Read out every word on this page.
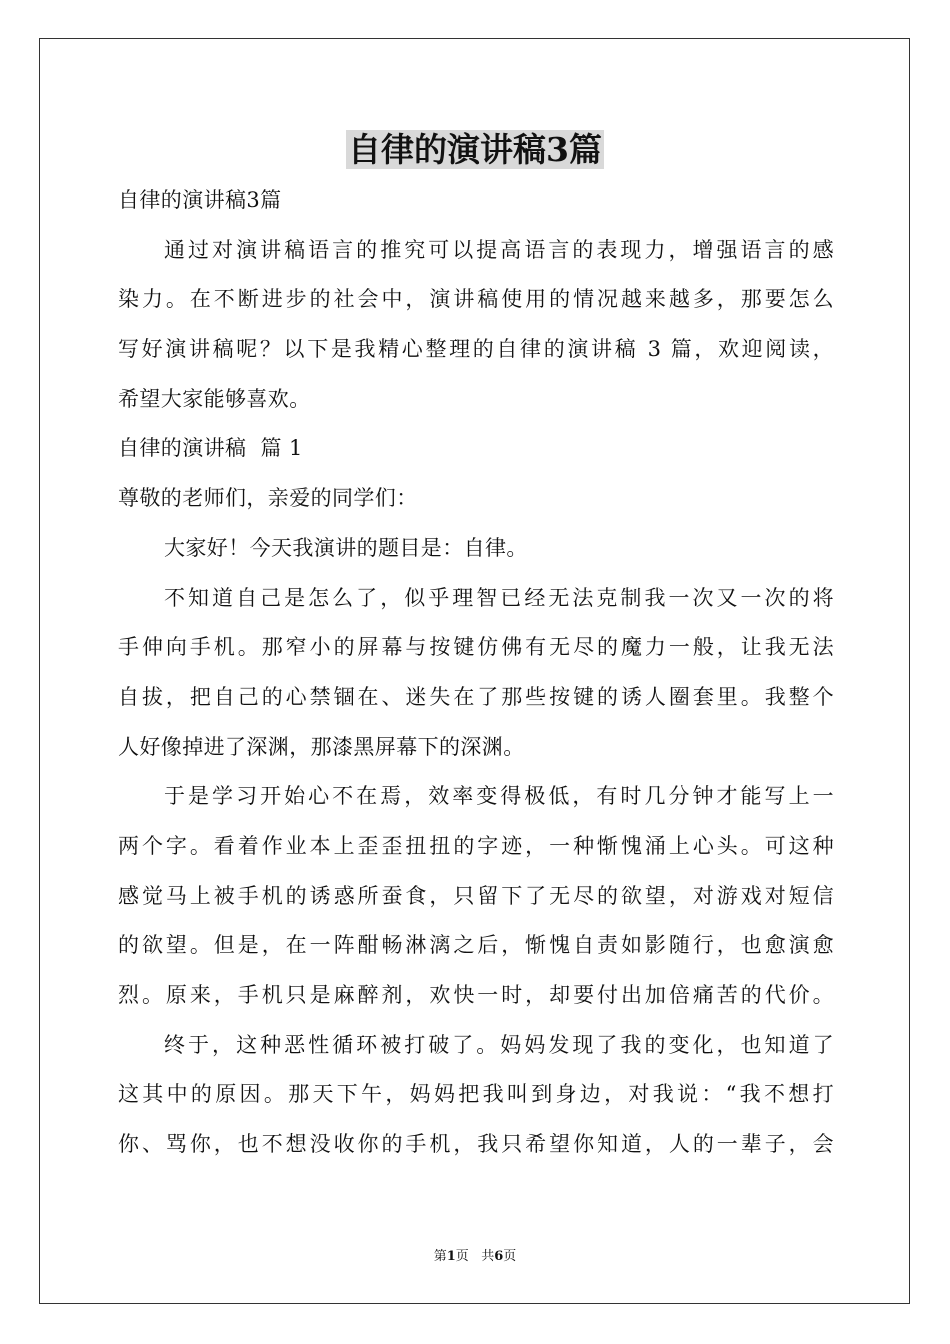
自律的演讲稿3篇
自律的演讲稿3篇
通过对演讲稿语言的推究可以提高语言的表现力，增强语言的感
染力。在不断进步的社会中，演讲稿使用的情况越来越多，那要怎么
写好演讲稿呢？以下是我精心整理的自律的演讲稿 3 篇，欢迎阅读，
希望大家能够喜欢。
自律的演讲稿  篇 1
尊敬的老师们，亲爱的同学们：
大家好！今天我演讲的题目是：自律。
不知道自己是怎么了，似乎理智已经无法克制我一次又一次的将
手伸向手机。那窄小的屏幕与按键仿佛有无尽的魔力一般，让我无法
自拔，把自己的心禁锢在、迷失在了那些按键的诱人圈套里。我整个
人好像掉进了深渊，那漆黑屏幕下的深渊。
于是学习开始心不在焉，效率变得极低，有时几分钟才能写上一
两个字。看着作业本上歪歪扭扭的字迹，一种惭愧涌上心头。可这种
感觉马上被手机的诱惑所蚕食，只留下了无尽的欲望，对游戏对短信
的欲望。但是，在一阵酣畅淋漓之后，惭愧自责如影随行，也愈演愈
烈。原来，手机只是麻醉剂，欢快一时，却要付出加倍痛苦的代价。
终于，这种恶性循环被打破了。妈妈发现了我的变化，也知道了
这其中的原因。那天下午，妈妈把我叫到身边，对我说：“我不想打
你、骂你，也不想没收你的手机，我只希望你知道，人的一辈子，会
第1页 共6页
